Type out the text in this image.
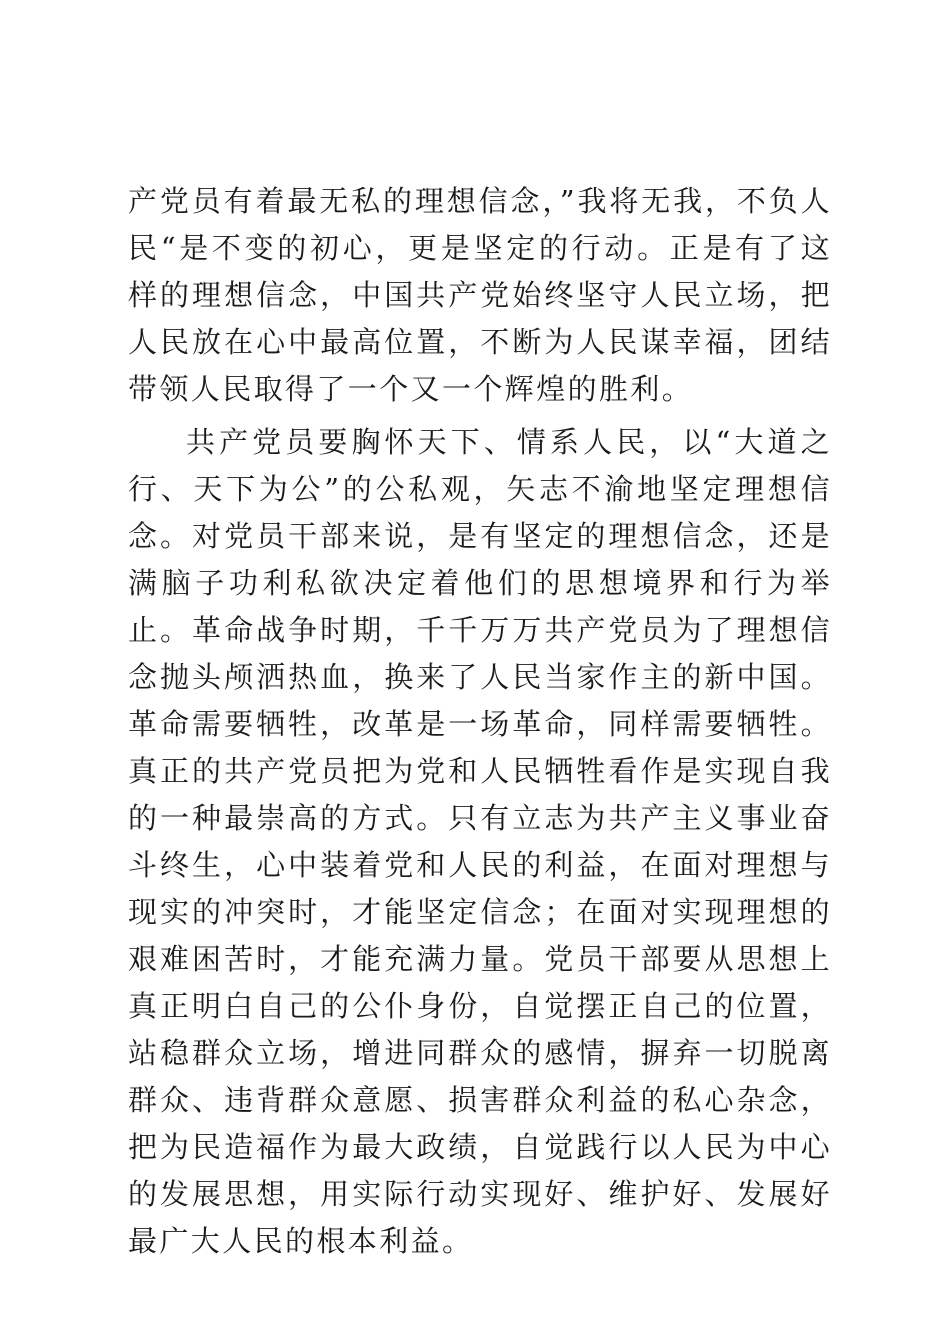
产党员有着最无私的理想信念，”我将无我，不负人民“是不变的初心，更是坚定的行动。正是有了这样的理想信念，中国共产党始终坚守人民立场，把人民放在心中最高位置，不断为人民谋幸福，团结带领人民取得了一个又一个辉煌的胜利。

共产党员要胸怀天下、情系人民，以“大道之行、天下为公”的公私观，矢志不渝地坚定理想信念。对党员干部来说，是有坚定的理想信念，还是满脑子功利私欲决定着他们的思想境界和行为举止。革命战争时期，千千万万共产党员为了理想信念抛头颅洒热血，换来了人民当家作主的新中国。革命需要牺牲，改革是一场革命，同样需要牺牲。真正的共产党员把为党和人民牺牲看作是实现自我的一种最崇高的方式。只有立志为共产主义事业奋斗终生，心中装着党和人民的利益，在面对理想与现实的冲突时，才能坚定信念；在面对实现理想的艰难困苦时，才能充满力量。党员干部要从思想上真正明白自己的公仆身份，自觉摆正自己的位置，站稳群众立场，增进同群众的感情，摒弃一切脱离群众、违背群众意愿、损害群众利益的私心杂念，把为民造福作为最大政绩，自觉践行以人民为中心的发展思想，用实际行动实现好、维护好、发展好最广大人民的根本利益。
